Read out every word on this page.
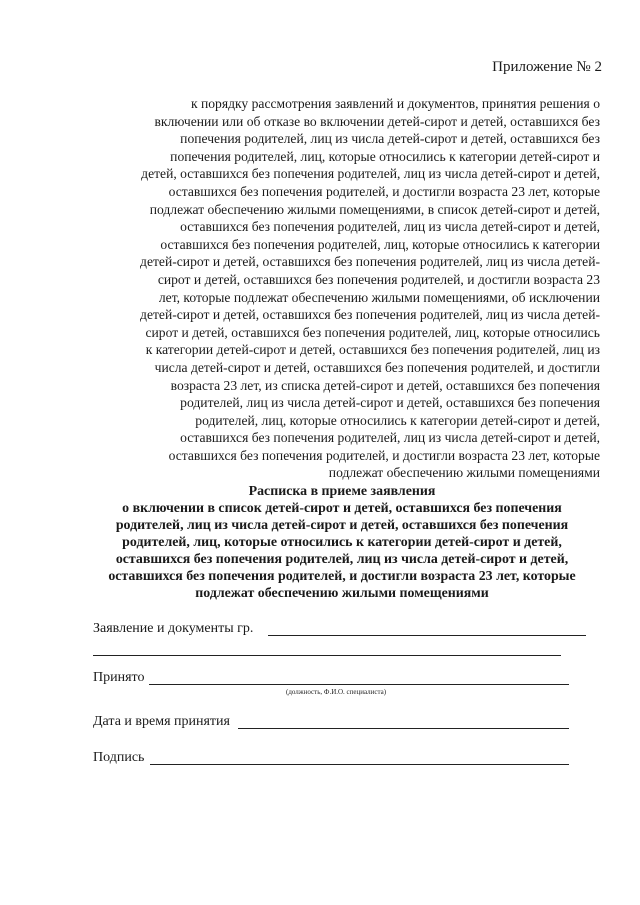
Приложение № 2
к порядку рассмотрения заявлений и документов, принятия решения о
включении или об отказе во включении детей-сирот и детей, оставшихся без
попечения родителей, лиц из числа детей-сирот и детей, оставшихся без
попечения родителей, лиц, которые относились к категории детей-сирот и
детей, оставшихся без попечения родителей, лиц из числа детей-сирот и детей,
оставшихся без попечения родителей, и достигли возраста 23 лет, которые
подлежат обеспечению жилыми помещениями, в список детей-сирот и детей,
оставшихся без попечения родителей, лиц из числа детей-сирот и детей,
оставшихся без попечения родителей, лиц, которые относились к категории
детей-сирот и детей, оставшихся без попечения родителей, лиц из числа детей-
сирот и детей, оставшихся без попечения родителей, и достигли возраста 23
лет, которые подлежат обеспечению жилыми помещениями, об исключении
детей-сирот и детей, оставшихся без попечения родителей, лиц из числа детей-
сирот и детей, оставшихся без попечения родителей, лиц, которые относились
к категории детей-сирот и детей, оставшихся без попечения родителей, лиц из
числа детей-сирот и детей, оставшихся без попечения родителей, и достигли
возраста 23 лет, из списка детей-сирот и детей, оставшихся без попечения
родителей, лиц из числа детей-сирот и детей, оставшихся без попечения
родителей, лиц, которые относились к категории детей-сирот и детей,
оставшихся без попечения родителей, лиц из числа детей-сирот и детей,
оставшихся без попечения родителей, и достигли возраста 23 лет, которые
подлежат обеспечению жилыми помещениями
Расписка в приеме заявления
о включении в список детей-сирот и детей, оставшихся без попечения
родителей, лиц из числа детей-сирот и детей, оставшихся без попечения
родителей, лиц, которые относились к категории детей-сирот и детей,
оставшихся без попечения родителей, лиц из числа детей-сирот и детей,
оставшихся без попечения родителей, и достигли возраста 23 лет, которые
подлежат обеспечению жилыми помещениями
Заявление и документы гр.
Принято
(должность, Ф.И.О. специалиста)
Дата и время принятия
Подпись
